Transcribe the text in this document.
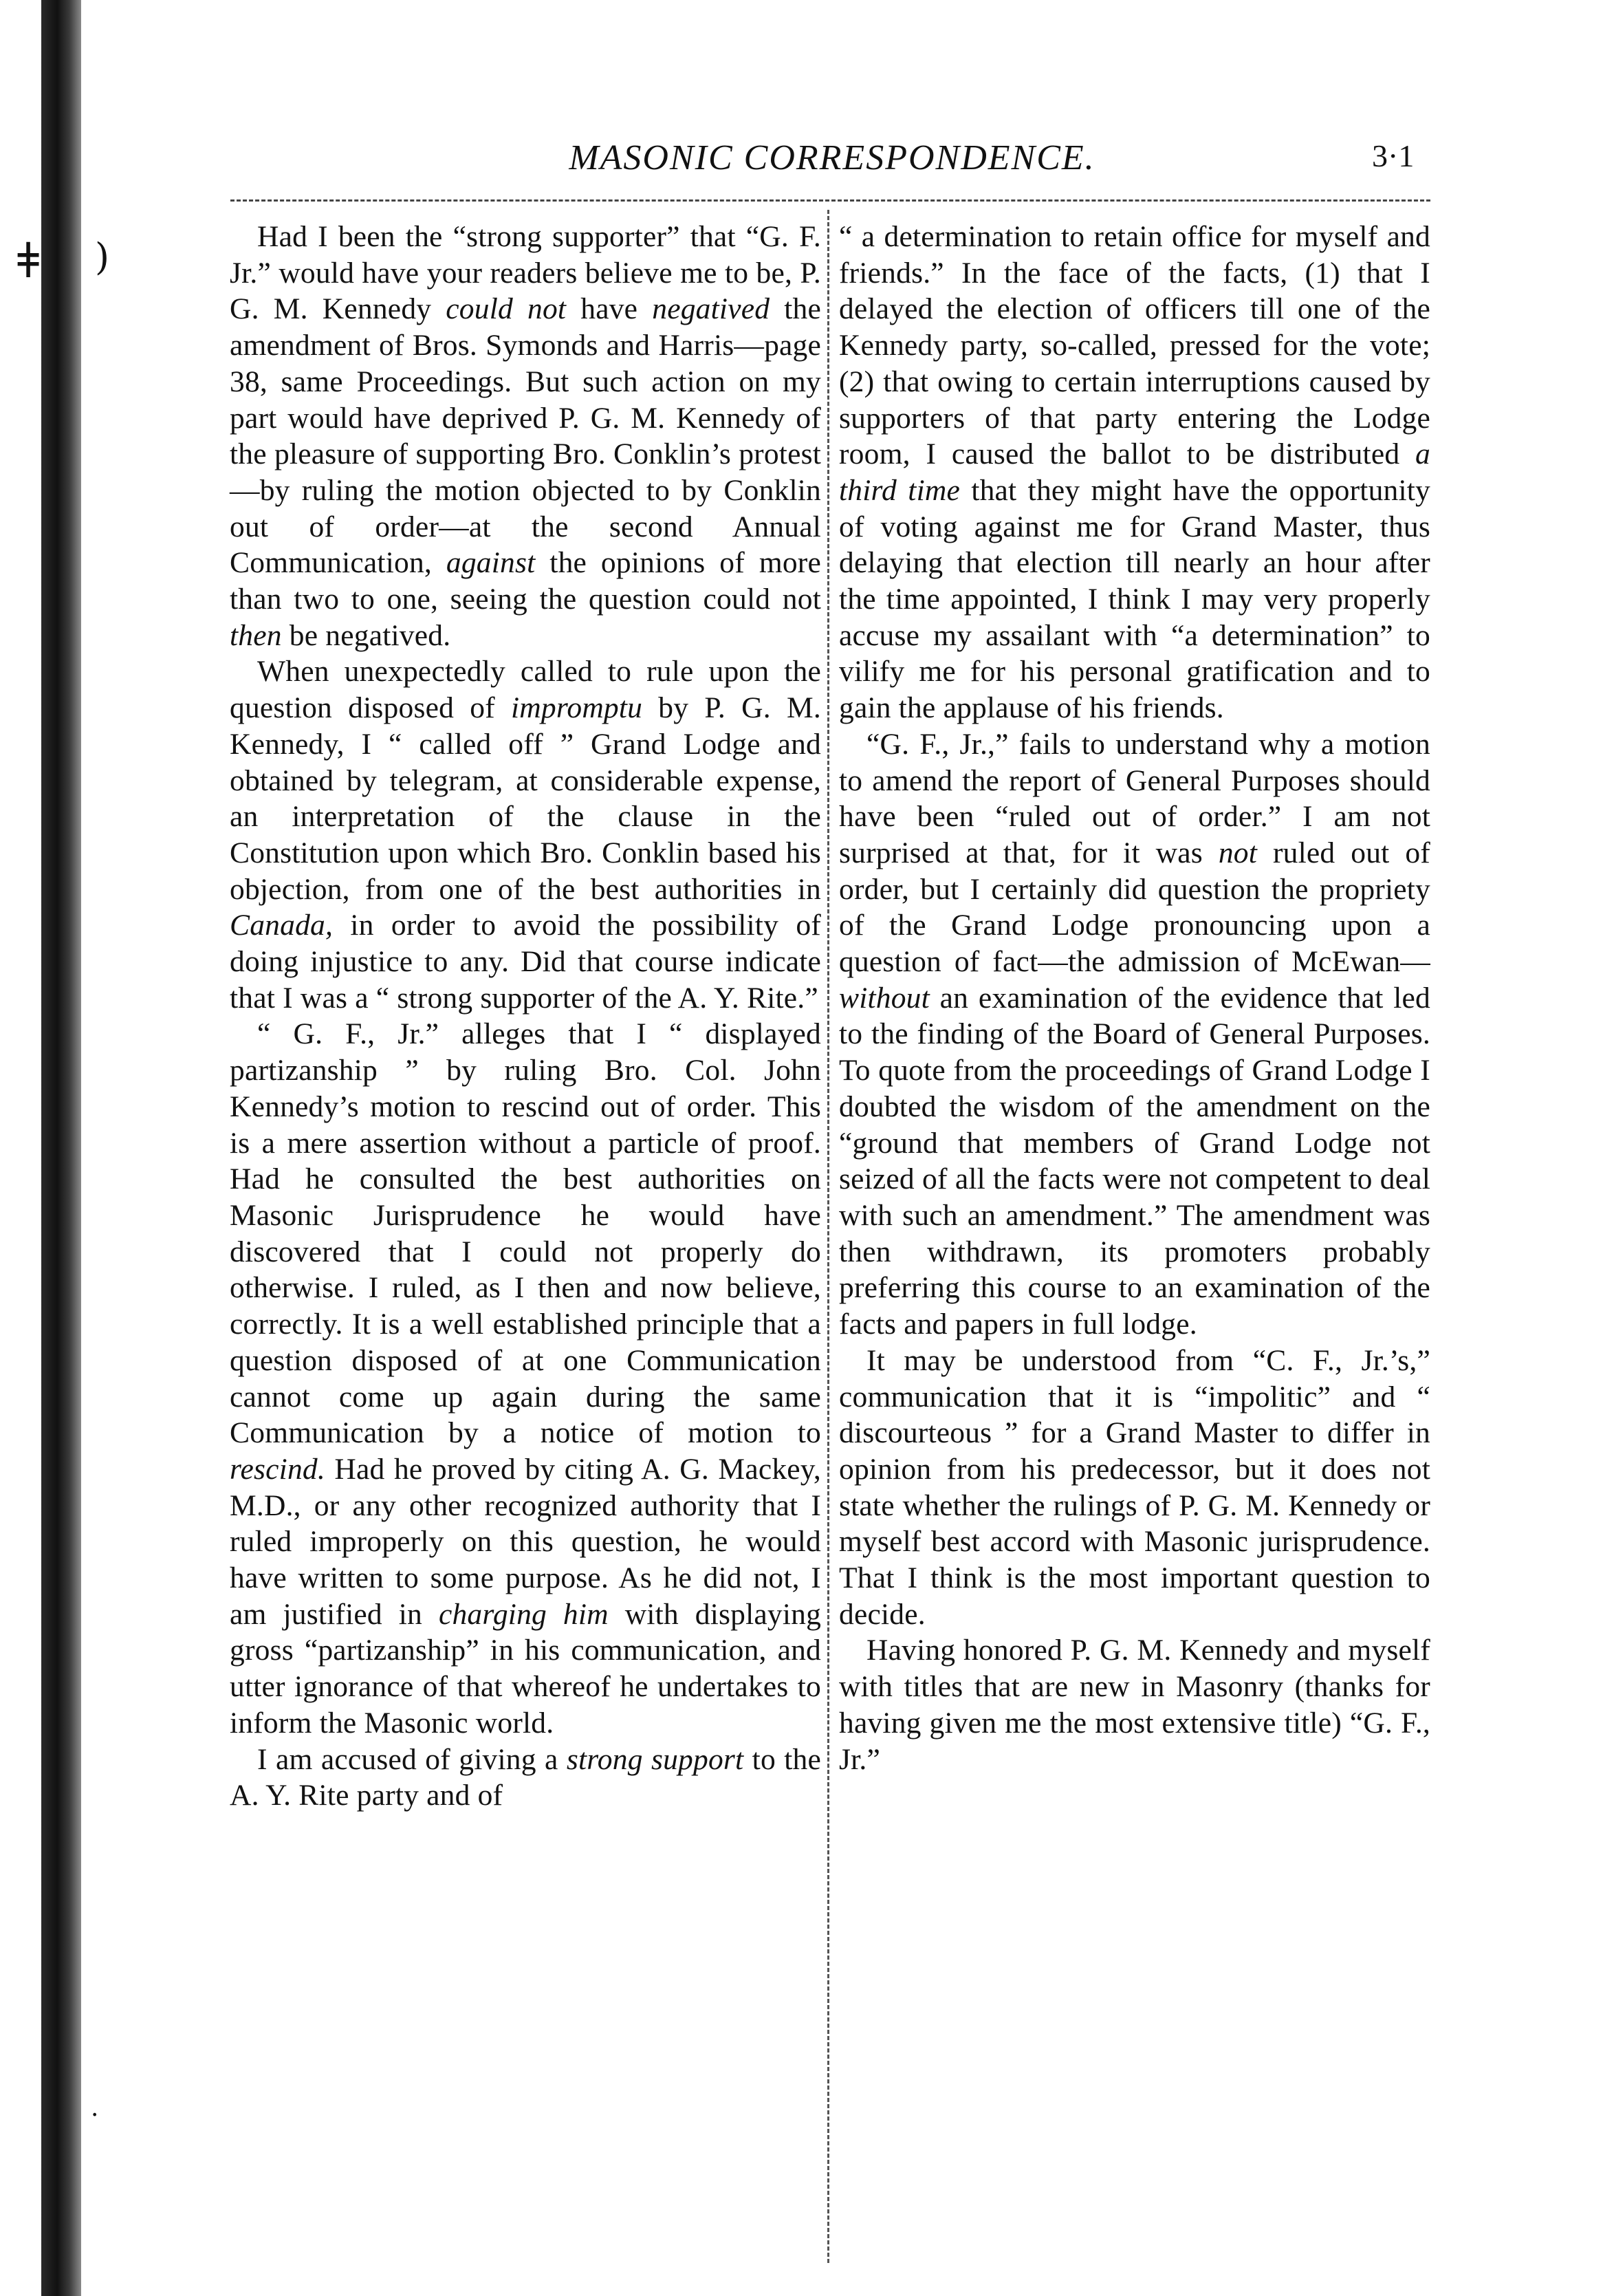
ǂ )
·
MASONIC CORRESPONDENCE.	3·1

Had I been the “strong supporter” that “G. F. Jr.” would have your readers believe me to be, P. G. M. Kennedy could not have negatived the amendment of Bros. Symonds and Harris—page 38, same Proceedings. But such action on my part would have deprived P. G. M. Kennedy of the pleasure of supporting Bro. Conklin’s protest—by ruling the motion objected to by Conklin out of order—at the second Annual Communication, against the opinions of more than two to one, seeing the question could not then be negatived.

When unexpectedly called to rule upon the question disposed of impromptu by P. G. M. Kennedy, I “ called off ” Grand Lodge and obtained by telegram, at considerable expense, an interpretation of the clause in the Constitution upon which Bro. Conklin based his objection, from one of the best authorities in Canada, in order to avoid the possibility of doing injustice to any. Did that course indicate that I was a “ strong supporter of the A. Y. Rite.”

“ G. F., Jr.” alleges that I “ displayed partizanship ” by ruling Bro. Col. John Kennedy’s motion to rescind out of order. This is a mere assertion without a particle of proof. Had he consulted the best authorities on Masonic Jurisprudence he would have discovered that I could not properly do otherwise. I ruled, as I then and now believe, correctly. It is a well established principle that a question disposed of at one Communication cannot come up again during the same Communication by a notice of motion to rescind. Had he proved by citing A. G. Mackey, M.D., or any other recognized authority that I ruled improperly on this question, he would have written to some purpose. As he did not, I am justified in charging him with displaying gross “partizanship” in his communication, and utter ignorance of that whereof he undertakes to inform the Masonic world.

I am accused of giving a strong support to the A. Y. Rite party and of

“ a determination to retain office for myself and friends.” In the face of the facts, (1) that I delayed the election of officers till one of the Kennedy party, so-called, pressed for the vote; (2) that owing to certain interruptions caused by supporters of that party entering the Lodge room, I caused the ballot to be distributed a third time that they might have the opportunity of voting against me for Grand Master, thus delaying that election till nearly an hour after the time appointed, I think I may very properly accuse my assailant with “a determination” to vilify me for his personal gratification and to gain the applause of his friends.

“G. F., Jr.,” fails to understand why a motion to amend the report of General Purposes should have been “ruled out of order.” I am not surprised at that, for it was not ruled out of order, but I certainly did question the propriety of the Grand Lodge pronouncing upon a question of fact—the admission of McEwan—without an examination of the evidence that led to the finding of the Board of General Purposes. To quote from the proceedings of Grand Lodge I doubted the wisdom of the amendment on the “ground that members of Grand Lodge not seized of all the facts were not competent to deal with such an amendment.” The amendment was then withdrawn, its promoters probably preferring this course to an examination of the facts and papers in full lodge.

It may be understood from “C. F., Jr.’s,” communication that it is “impolitic” and “ discourteous ” for a Grand Master to differ in opinion from his predecessor, but it does not state whether the rulings of P. G. M. Kennedy or myself best accord with Masonic jurisprudence. That I think is the most important question to decide.

Having honored P. G. M. Kennedy and myself with titles that are new in Masonry (thanks for having given me the most extensive title) “G. F., Jr.”
